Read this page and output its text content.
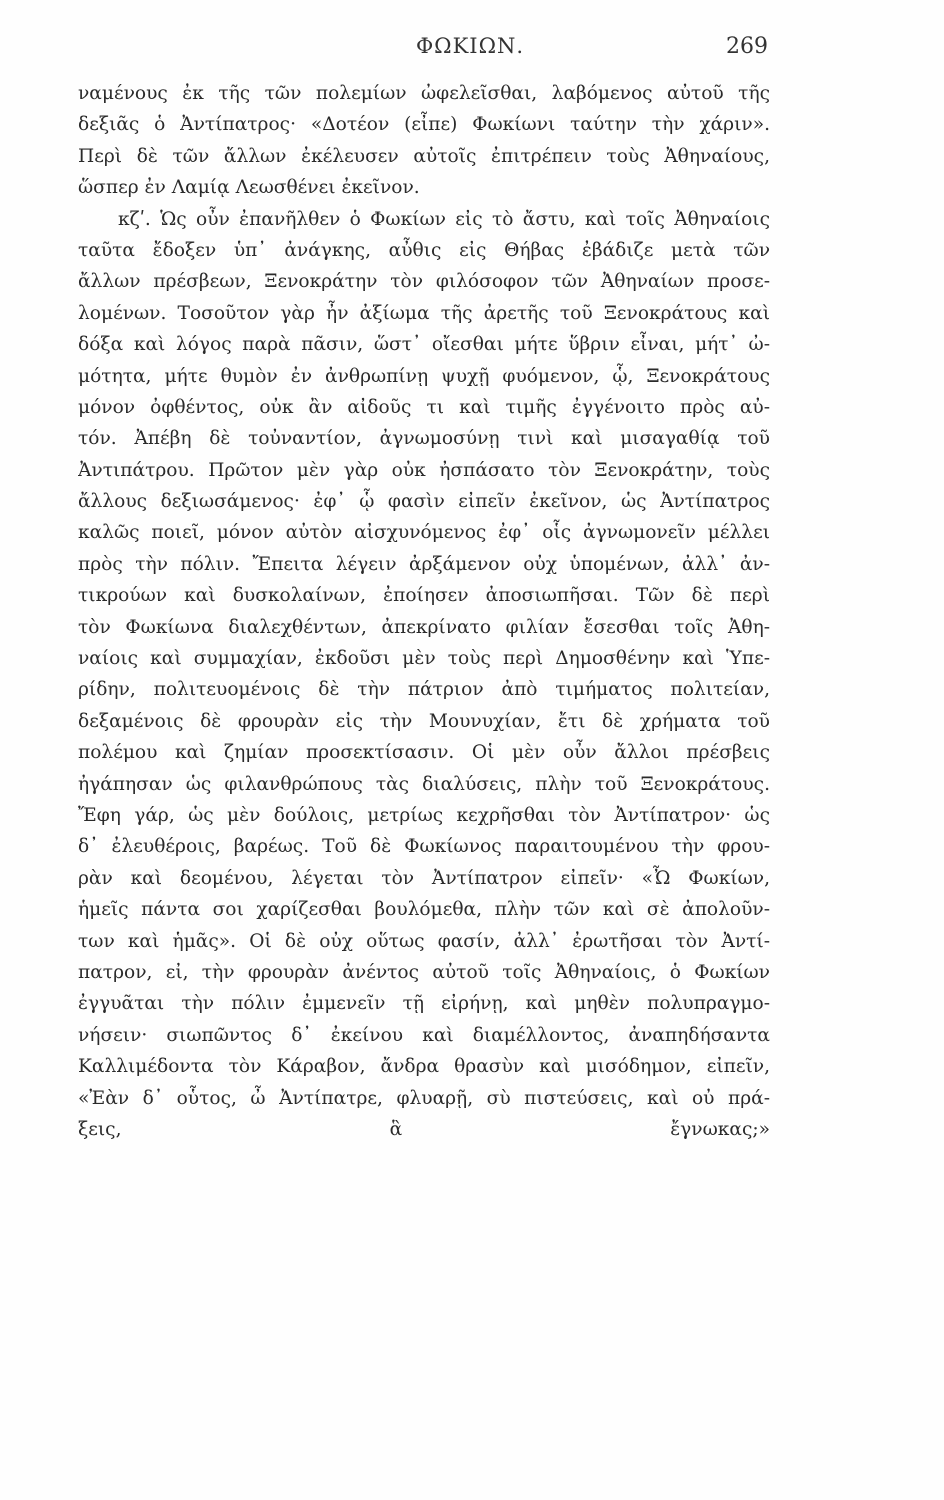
ΦΩΚΙΩΝ.	269
ναμένους ἐκ τῆς τῶν πολεμίων ὠφελεῖσθαι, λαβόμενος αὐτοῦ τῆς
δεξιᾶς ὁ Ἀντίπατρος· «Δοτέον (εἶπε) Φωκίωνι ταύτην τὴν χάριν».
Περὶ δὲ τῶν ἄλλων ἐκέλευσεν αὐτοῖς ἐπιτρέπειν τοὺς Ἀθηναίους,
ὥσπερ ἐν Λαμίᾳ Λεωσθένει ἐκεῖνον.
κζʹ. Ὡς οὖν ἐπανῆλθεν ὁ Φωκίων εἰς τὸ ἄστυ, καὶ τοῖς Ἀθηναίοις
ταῦτα ἔδοξεν ὑπ᾽ ἀνάγκης, αὖθις εἰς Θήβας ἐβάδιζε μετὰ τῶν
ἄλλων πρέσβεων, Ξενοκράτην τὸν φιλόσοφον τῶν Ἀθηναίων προσε-
λομένων. Τοσοῦτον γὰρ ἦν ἀξίωμα τῆς ἀρετῆς τοῦ Ξενοκράτους καὶ
δόξα καὶ λόγος παρὰ πᾶσιν, ὥστ᾽ οἴεσθαι μήτε ὕβριν εἶναι, μήτ᾽ ὠ-
μότητα, μήτε θυμὸν ἐν ἀνθρωπίνῃ ψυχῇ φυόμενον, ᾧ, Ξενοκράτους
μόνον ὀφθέντος, οὐκ ἂν αἰδοῦς τι καὶ τιμῆς ἐγγένοιτο πρὸς αὐ-
τόν. Ἀπέβη δὲ τοὐναντίον, ἀγνωμοσύνῃ τινὶ καὶ μισαγαθίᾳ τοῦ
Ἀντιπάτρου. Πρῶτον μὲν γὰρ οὐκ ἠσπάσατο τὸν Ξενοκράτην, τοὺς
ἄλλους δεξιωσάμενος· ἐφ᾽ ᾧ φασὶν εἰπεῖν ἐκεῖνον, ὡς Ἀντίπατρος
καλῶς ποιεῖ, μόνον αὐτὸν αἰσχυνόμενος ἐφ᾽ οἷς ἀγνωμονεῖν μέλλει
πρὸς τὴν πόλιν. Ἔπειτα λέγειν ἀρξάμενον οὐχ ὑπομένων, ἀλλ᾽ ἀν-
τικρούων καὶ δυσκολαίνων, ἐποίησεν ἀποσιωπῆσαι. Τῶν δὲ περὶ
τὸν Φωκίωνα διαλεχθέντων, ἀπεκρίνατο φιλίαν ἔσεσθαι τοῖς Ἀθη-
ναίοις καὶ συμμαχίαν, ἐκδοῦσι μὲν τοὺς περὶ Δημοσθένην καὶ Ὑπε-
ρίδην, πολιτευομένοις δὲ τὴν πάτριον ἀπὸ τιμήματος πολιτείαν,
δεξαμένοις δὲ φρουρὰν εἰς τὴν Μουνυχίαν, ἔτι δὲ χρήματα τοῦ
πολέμου καὶ ζημίαν προσεκτίσασιν. Οἱ μὲν οὖν ἄλλοι πρέσβεις
ἠγάπησαν ὡς φιλανθρώπους τὰς διαλύσεις, πλὴν τοῦ Ξενοκράτους.
Ἔφη γάρ, ὡς μὲν δούλοις, μετρίως κεχρῆσθαι τὸν Ἀντίπατρον· ὡς
δ᾽ ἐλευθέροις, βαρέως. Τοῦ δὲ Φωκίωνος παραιτουμένου τὴν φρου-
ρὰν καὶ δεομένου, λέγεται τὸν Ἀντίπατρον εἰπεῖν· «Ὦ Φωκίων,
ἡμεῖς πάντα σοι χαρίζεσθαι βουλόμεθα, πλὴν τῶν καὶ σὲ ἀπολοῦν-
των καὶ ἡμᾶς». Οἱ δὲ οὐχ οὕτως φασίν, ἀλλ᾽ ἐρωτῆσαι τὸν Ἀντί-
πατρον, εἰ, τὴν φρουρὰν ἀνέντος αὐτοῦ τοῖς Ἀθηναίοις, ὁ Φωκίων
ἐγγυᾶται τὴν πόλιν ἐμμενεῖν τῇ εἰρήνῃ, καὶ μηθὲν πολυπραγμο-
νήσειν· σιωπῶντος δ᾽ ἐκείνου καὶ διαμέλλοντος, ἀναπηδήσαντα
Καλλιμέδοντα τὸν Κάραβον, ἄνδρα θρασὺν καὶ μισόδημον, εἰπεῖν,
«Ἐὰν δ᾽ οὗτος, ὦ Ἀντίπατρε, φλυαρῇ, σὺ πιστεύσεις, καὶ οὐ πρά-
ξεις, ἃ ἔγνωκας;»
